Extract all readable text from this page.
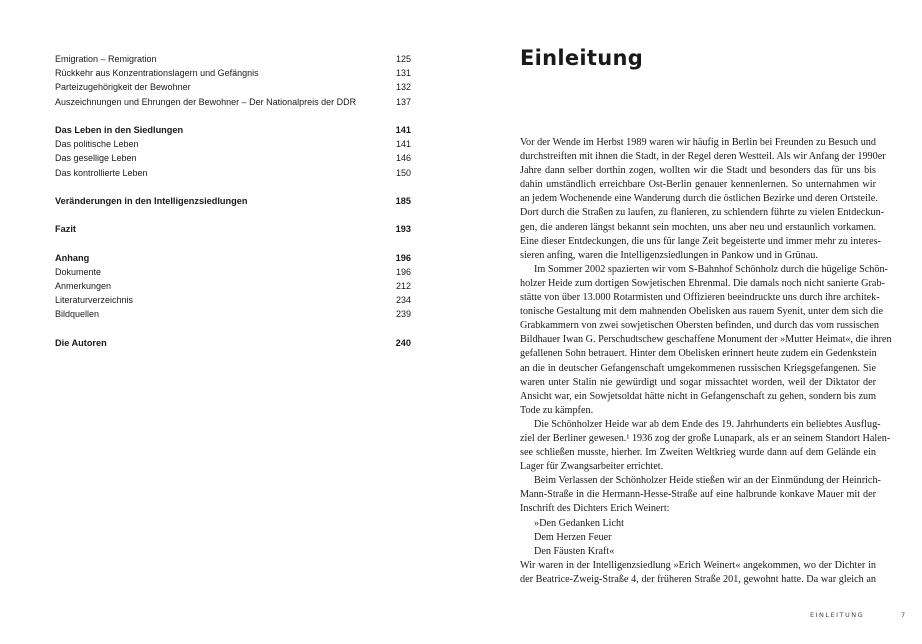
Emigration – Remigration	125
Rückkehr aus Konzentrationslagern und Gefängnis	131
Parteizugehörigkeit der Bewohner	132
Auszeichnungen und Ehrungen der Bewohner – Der Nationalpreis der DDR	137
Das Leben in den Siedlungen	141
Das politische Leben	141
Das gesellige Leben	146
Das kontrollierte Leben	150
Veränderungen in den Intelligenzsiedlungen	185
Fazit	193
Anhang	196
Dokumente	196
Anmerkungen	212
Literaturverzeichnis	234
Bildquellen	239
Die Autoren	240
Einleitung
Vor der Wende im Herbst 1989 waren wir häufig in Berlin bei Freunden zu Besuch und
durchstreiften mit ihnen die Stadt, in der Regel deren Westteil. Als wir Anfang der 1990er
Jahre dann selber dorthin zogen, wollten wir die Stadt und besonders das für uns bis
dahin umständlich erreichbare Ost-Berlin genauer kennenlernen. So unternahmen wir
an jedem Wochenende eine Wanderung durch die östlichen Bezirke und deren Ortsteile.
Dort durch die Straßen zu laufen, zu flanieren, zu schlendern führte zu vielen Entdeckun-
gen, die anderen längst bekannt sein mochten, uns aber neu und erstaunlich vorkamen.
Eine dieser Entdeckungen, die uns für lange Zeit begeisterte und immer mehr zu interes-
sieren anfing, waren die Intelligenzsiedlungen in Pankow und in Grünau.
Im Sommer 2002 spazierten wir vom S-Bahnhof Schönholz durch die hügelige Schön-
holzer Heide zum dortigen Sowjetischen Ehrenmal. Die damals noch nicht sanierte Grab-
stätte von über 13.000 Rotarmisten und Offizieren beeindruckte uns durch ihre architek-
tonische Gestaltung mit dem mahnenden Obelisken aus rauem Syenit, unter dem sich die
Grabkammern von zwei sowjetischen Obersten befinden, und durch das vom russischen
Bildhauer Iwan G. Perschudtschew geschaffene Monument der »Mutter Heimat«, die ihren
gefallenen Sohn betrauert. Hinter dem Obelisken erinnert heute zudem ein Gedenkstein
an die in deutscher Gefangenschaft umgekommenen russischen Kriegsgefangenen. Sie
waren unter Stalin nie gewürdigt und sogar missachtet worden, weil der Diktator der
Ansicht war, ein Sowjetsoldat hätte nicht in Gefangenschaft zu gehen, sondern bis zum
Tode zu kämpfen.
Die Schönholzer Heide war ab dem Ende des 19. Jahrhunderts ein beliebtes Ausflug-
ziel der Berliner gewesen.¹ 1936 zog der große Lunapark, als er an seinem Standort Halen-
see schließen musste, hierher. Im Zweiten Weltkrieg wurde dann auf dem Gelände ein
Lager für Zwangsarbeiter errichtet.
Beim Verlassen der Schönholzer Heide stießen wir an der Einmündung der Heinrich-
Mann-Straße in die Hermann-Hesse-Straße auf eine halbrunde konkave Mauer mit der
Inschrift des Dichters Erich Weinert:
»Den Gedanken Licht
Dem Herzen Feuer
Den Fäusten Kraft«
Wir waren in der Intelligenzsiedlung »Erich Weinert« angekommen, wo der Dichter in
der Beatrice-Zweig-Straße 4, der früheren Straße 201, gewohnt hatte. Da war gleich an
EINLEITUNG	7
